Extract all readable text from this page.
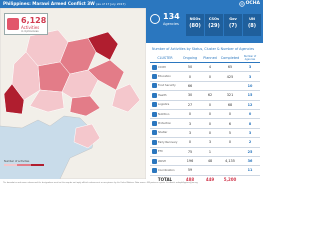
Philippines: Marawi Armed Conflict 3W (as of 17 July 2017)	OCHA
6,128
Activities
in 4 provinces
Number of activities
134
Agencies
NGOs
(80)
CSOs
(29)
Gov
(7)
UN
(8)
Number of Activities by Status, Cluster & Number of Agencies
CLUSTER		Ongoing	Planned	Completed	Number of Agencies
	CCCM	50	4	65	3
	Education	0	0	425	3
	Food Security	66			10
	Health	30	62	321	15
	Logistics	27	0	68	12
	Nutrition	0	0	0	0
	Protection	3	0	6	8
	Shelter	3	0	5	3
	Early Recovery	0	3	0	2
	ETC	75	1		25
	WASH	196	48	4,135	36
	Coordination	59			11
TOTAL		488	449	5,200	
The boundaries and names shown and the designations used on this map do not imply official endorsement or acceptance by the United Nations. Data source: 3W partners reports. Feedback: ochaphilippines@un.org
